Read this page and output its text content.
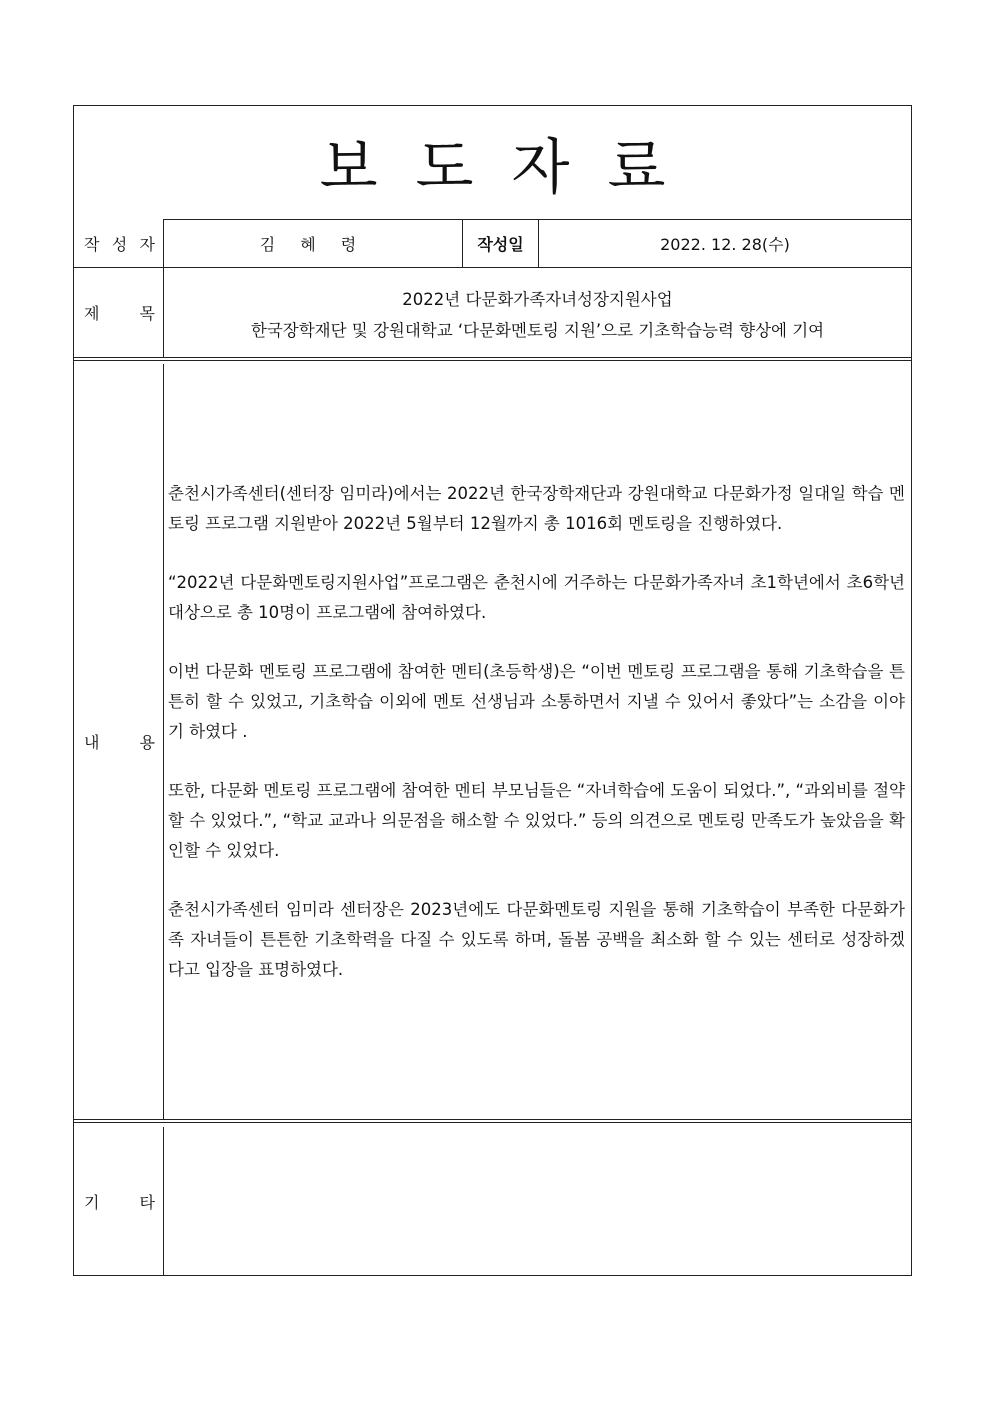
보도자료
작 성 자	김 혜 령	작성일	2022. 12. 28(수)
제	목
2022년 다문화가족자녀성장지원사업
한국장학재단 및 강원대학교 ‘다문화멘토링 지원’으로 기초학습능력 향상에 기여
내	용

춘천시가족센터(센터장 임미라)에서는 2022년 한국장학재단과 강원대학교 다문화가정 일대일 학습 멘토링 프로그램 지원받아 2022년 5월부터 12월까지 총 1016회 멘토링을 진행하였다.

“2022년 다문화멘토링지원사업”프로그램은 춘천시에 거주하는 다문화가족자녀 초1학년에서 초6학년 대상으로 총 10명이 프로그램에 참여하였다.

이번 다문화 멘토링 프로그램에 참여한 멘티(초등학생)은 “이번 멘토링 프로그램을 통해 기초학습을 튼튼히 할 수 있었고, 기초학습 이외에 멘토 선생님과 소통하면서 지낼 수 있어서 좋았다”는 소감을 이야기 하였다 .

또한, 다문화 멘토링 프로그램에 참여한 멘티 부모님들은 “자녀학습에 도움이 되었다.”, “과외비를 절약 할 수 있었다.”, “학교 교과나 의문점을 해소할 수 있었다.” 등의 의견으로 멘토링 만족도가 높았음을 확인할 수 있었다.

춘천시가족센터 임미라 센터장은 2023년에도 다문화멘토링 지원을 통해 기초학습이 부족한 다문화가족 자녀들이 튼튼한 기초학력을 다질 수 있도록 하며, 돌봄 공백을 최소화 할 수 있는 센터로 성장하겠다고 입장을 표명하였다.

기	타
